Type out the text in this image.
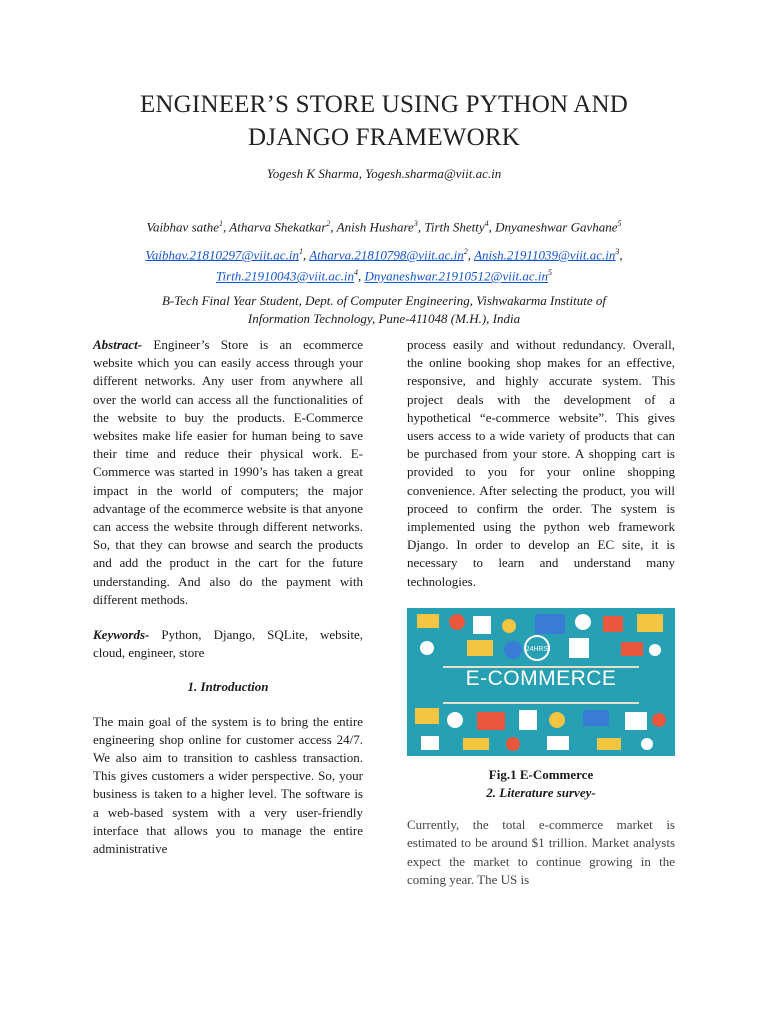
ENGINEER’S STORE USING PYTHON AND
DJANGO FRAMEWORK
Yogesh K Sharma, Yogesh.sharma@viit.ac.in
Vaibhav sathe$^1$, Atharva Shekatkar$^2$, Anish Hushare$^3$, Tirth Shetty$^4$, Dnyaneshwar Gavhane$^5$
$Vaibhav.21810297@viit.ac.in^1$, $Atharva.21810798@viit.ac.in^2$, $Anish.21911039@viit.ac.in^3$,
$Tirth.21910043@viit.ac.in^4$, $Dnyaneshwar.21910512@viit.ac.in^5$
B-Tech Final Year Student, Dept. of Computer Engineering, Vishwakarma Institute of
Information Technology, Pune-411048 (M.H.), India

Abstract- Engineer’s Store is an ecommerce website which you can easily access through your different networks. Any user from anywhere all over the world can access all the functionalities of the website to buy the products. E-Commerce websites make life easier for human being to save their time and reduce their physical work. E-Commerce was started in 1990’s has taken a great impact in the world of computers; the major advantage of the ecommerce website is that anyone can access the website through different networks. So, that they can browse and search the products and add the product in the cart for the future understanding. And also do the payment with different methods.

Keywords- Python, Django, SQLite, website, cloud, engineer, store

1. Introduction

The main goal of the system is to bring the entire engineering shop online for customer access 24/7. We also aim to transition to cashless transaction. This gives customers a wider perspective. So, your business is taken to a higher level. The software is a web-based system with a very user-friendly interface that allows you to manage the entire administrative

process easily and without redundancy. Overall, the online booking shop makes for an effective, responsive, and highly accurate system. This project deals with the development of a hypothetical “e-commerce website”. This gives users access to a wide variety of products that can be purchased from your store. A shopping cart is provided to you for your online shopping convenience. After selecting the product, you will proceed to confirm the order. The system is implemented using the python web framework Django. In order to develop an EC site, it is necessary to learn and understand many technologies.

24HRS
E-COMMERCE

Fig.1 E-Commerce

2. Literature survey-

Currently, the total e-commerce market is estimated to be around $1 trillion. Market analysts expect the market to continue growing in the coming year. The US is
